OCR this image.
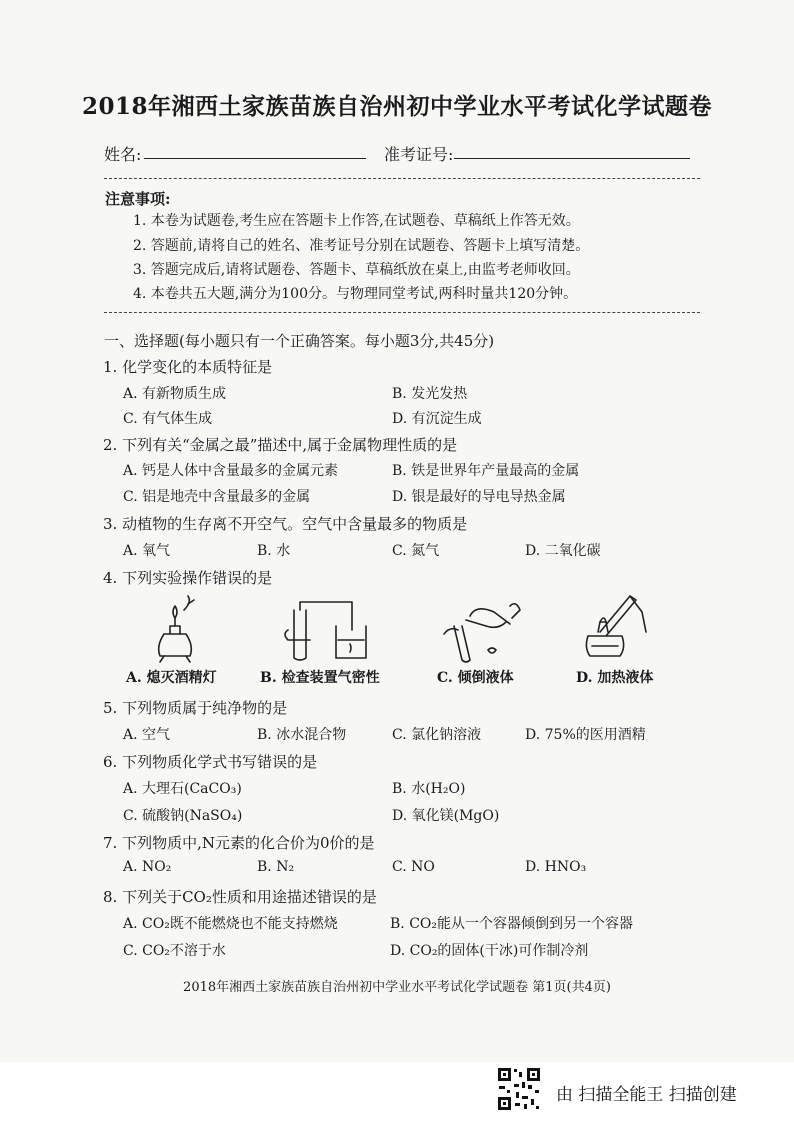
2018年湘西土家族苗族自治州初中学业水平考试化学试题卷
姓名:	准考证号:
注意事项:
1. 本卷为试题卷,考生应在答题卡上作答,在试题卷、草稿纸上作答无效。
2. 答题前,请将自己的姓名、准考证号分别在试题卷、答题卡上填写清楚。
3. 答题完成后,请将试题卷、答题卡、草稿纸放在桌上,由监考老师收回。
4. 本卷共五大题,满分为100分。与物理同堂考试,两科时量共120分钟。
一、选择题(每小题只有一个正确答案。每小题3分,共45分)
1. 化学变化的本质特征是
A. 有新物质生成	B. 发光发热
C. 有气体生成	D. 有沉淀生成
2. 下列有关“金属之最”描述中,属于金属物理性质的是
A. 钙是人体中含量最多的金属元素	B. 铁是世界年产量最高的金属
C. 铝是地壳中含量最多的金属	D. 银是最好的导电导热金属
3. 动植物的生存离不开空气。空气中含量最多的物质是
A. 氧气	B. 水	C. 氮气	D. 二氧化碳
4. 下列实验操作错误的是
A. 熄灭酒精灯	B. 检查装置气密性	C. 倾倒液体	D. 加热液体
5. 下列物质属于纯净物的是
A. 空气	B. 冰水混合物	C. 氯化钠溶液	D. 75%的医用酒精
6. 下列物质化学式书写错误的是
A. 大理石(CaCO₃)	B. 水(H₂O)
C. 硫酸钠(NaSO₄)	D. 氧化镁(MgO)
7. 下列物质中,N元素的化合价为0价的是
A. NO₂	B. N₂	C. NO	D. HNO₃
8. 下列关于CO₂性质和用途描述错误的是
A. CO₂既不能燃烧也不能支持燃烧	B. CO₂能从一个容器倾倒到另一个容器
C. CO₂不溶于水	D. CO₂的固体(干冰)可作制冷剂
2018年湘西土家族苗族自治州初中学业水平考试化学试题卷 第1页(共4页)
由 扫描全能王 扫描创建
